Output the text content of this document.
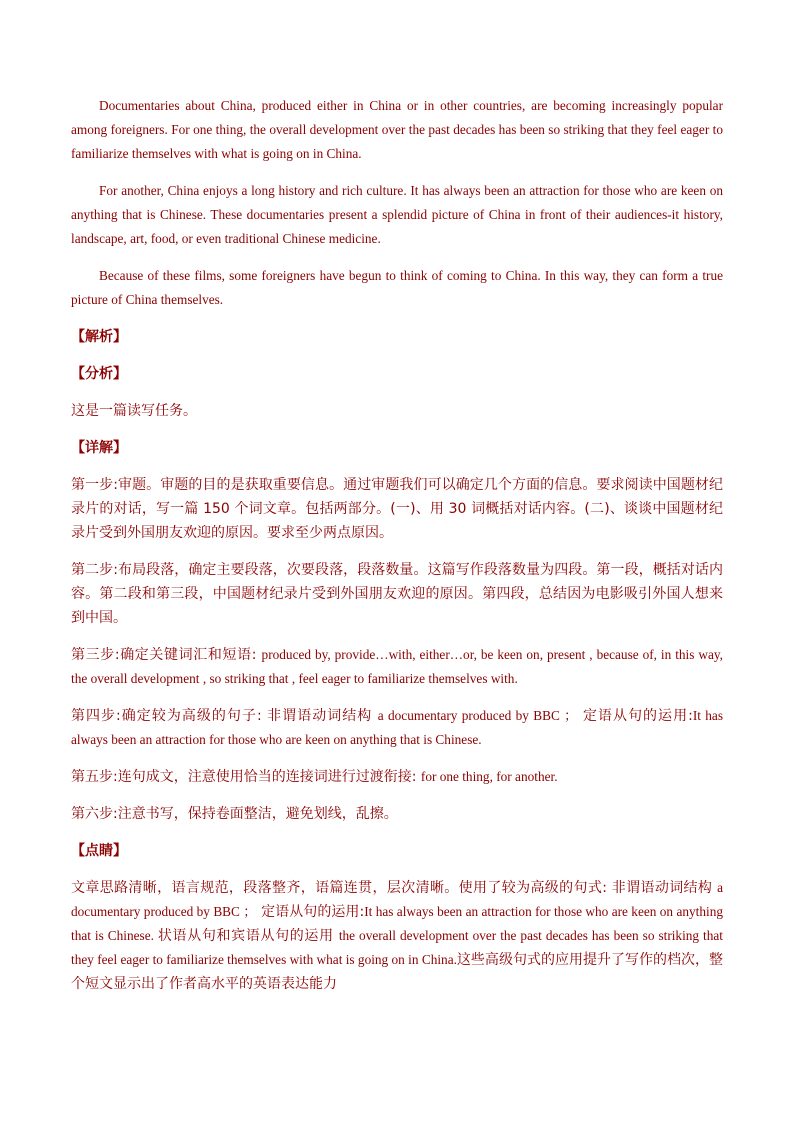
Documentaries about China, produced either in China or in other countries, are becoming increasingly popular among foreigners. For one thing, the overall development over the past decades has been so striking that they feel eager to familiarize themselves with what is going on in China.

For another, China enjoys a long history and rich culture. It has always been an attraction for those who are keen on anything that is Chinese. These documentaries present a splendid picture of China in front of their audiences-it history, landscape, art, food, or even traditional Chinese medicine.

Because of these films, some foreigners have begun to think of coming to China. In this way, they can form a true picture of China themselves.

【解析】
【分析】
这是一篇读写任务。
【详解】
第一步:审题。审题的目的是获取重要信息。通过审题我们可以确定几个方面的信息。要求阅读中国题材纪录片的对话，写一篇 150 个词文章。包括两部分。(一)、用 30 词概括对话内容。(二)、谈谈中国题材纪录片受到外国朋友欢迎的原因。要求至少两点原因。
第二步:布局段落，确定主要段落，次要段落，段落数量。这篇写作段落数量为四段。第一段，概括对话内容。第二段和第三段，中国题材纪录片受到外国朋友欢迎的原因。第四段，总结因为电影吸引外国人想来到中国。
第三步:确定关键词汇和短语: produced by, provide…with, either…or, be keen on, present , because of, in this way, the overall development , so striking that , feel eager to familiarize themselves with.
第四步:确定较为高级的句子: 非谓语动词结构 a documentary produced by BBC ； 定语从句的运用:It has always been an attraction for those who are keen on anything that is Chinese.
第五步:连句成文，注意使用恰当的连接词进行过渡衔接: for one thing, for another.
第六步:注意书写，保持卷面整洁，避免划线，乱擦。
【点睛】
文章思路清晰，语言规范，段落整齐，语篇连贯，层次清晰。使用了较为高级的句式: 非谓语动词结构 a documentary produced by BBC ； 定语从句的运用:It has always been an attraction for those who are keen on anything that is Chinese. 状语从句和宾语从句的运用 the overall development over the past decades has been so striking that they feel eager to familiarize themselves with what is going on in China.这些高级句式的应用提升了写作的档次，整个短文显示出了作者高水平的英语表达能力
